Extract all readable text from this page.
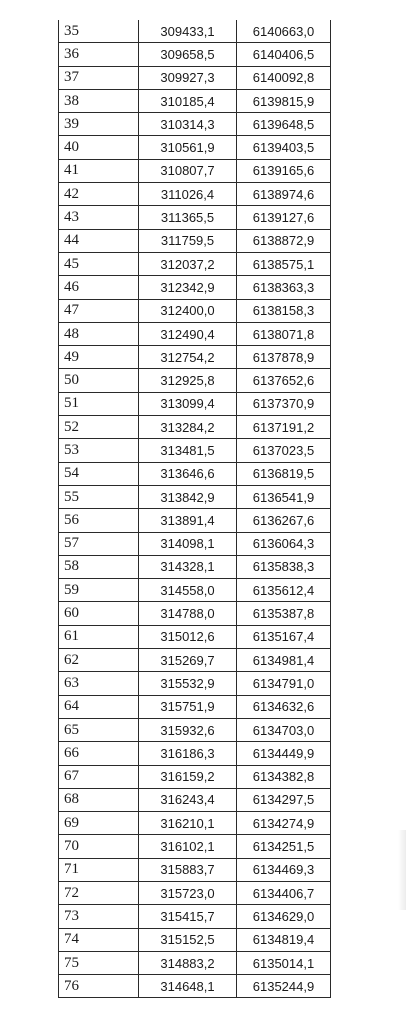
35	309433,1	6140663,0
36	309658,5	6140406,5
37	309927,3	6140092,8
38	310185,4	6139815,9
39	310314,3	6139648,5
40	310561,9	6139403,5
41	310807,7	6139165,6
42	311026,4	6138974,6
43	311365,5	6139127,6
44	311759,5	6138872,9
45	312037,2	6138575,1
46	312342,9	6138363,3
47	312400,0	6138158,3
48	312490,4	6138071,8
49	312754,2	6137878,9
50	312925,8	6137652,6
51	313099,4	6137370,9
52	313284,2	6137191,2
53	313481,5	6137023,5
54	313646,6	6136819,5
55	313842,9	6136541,9
56	313891,4	6136267,6
57	314098,1	6136064,3
58	314328,1	6135838,3
59	314558,0	6135612,4
60	314788,0	6135387,8
61	315012,6	6135167,4
62	315269,7	6134981,4
63	315532,9	6134791,0
64	315751,9	6134632,6
65	315932,6	6134703,0
66	316186,3	6134449,9
67	316159,2	6134382,8
68	316243,4	6134297,5
69	316210,1	6134274,9
70	316102,1	6134251,5
71	315883,7	6134469,3
72	315723,0	6134406,7
73	315415,7	6134629,0
74	315152,5	6134819,4
75	314883,2	6135014,1
76	314648,1	6135244,9
